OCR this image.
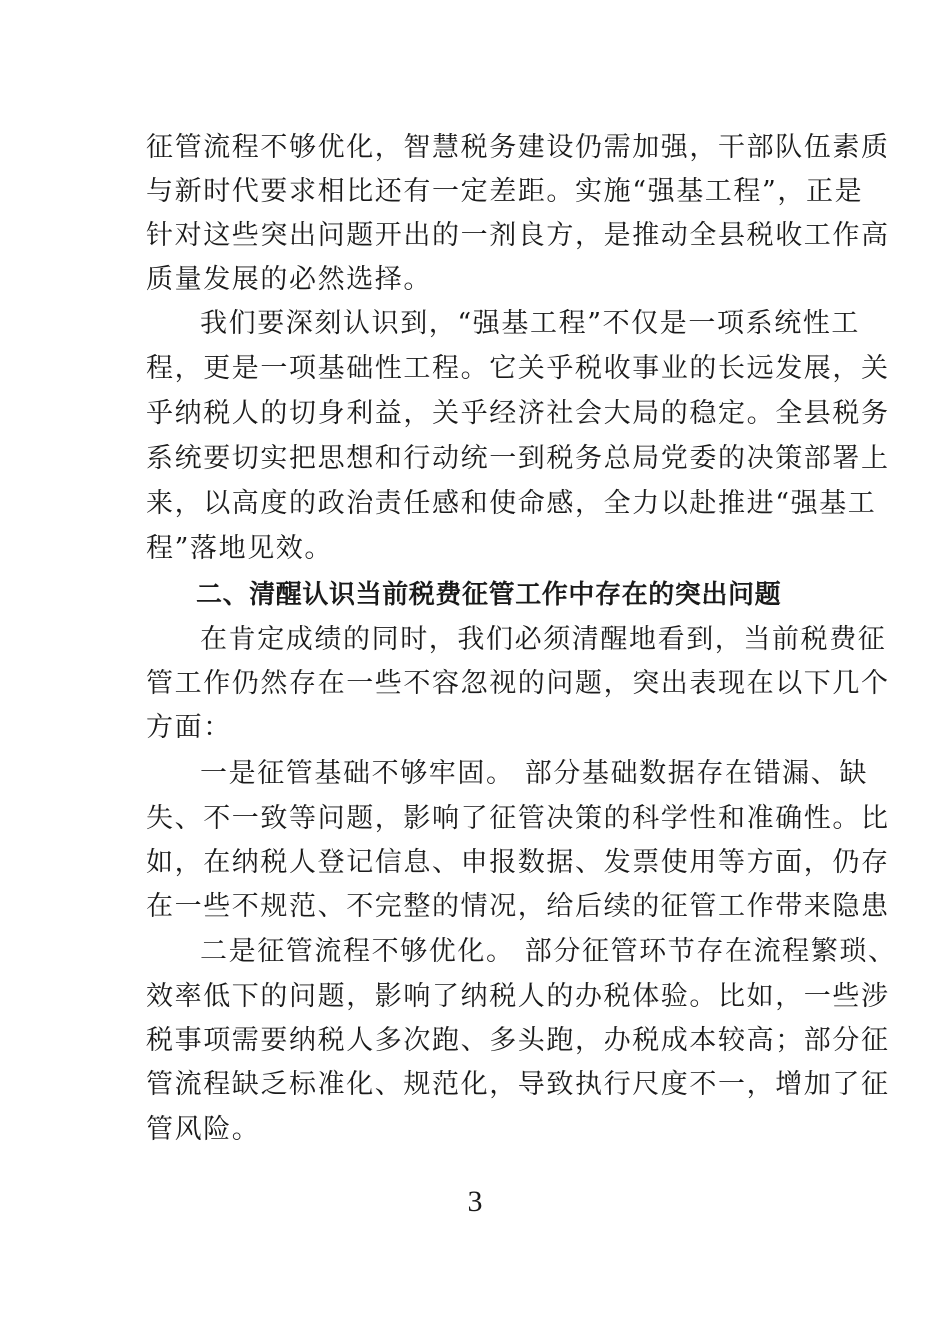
征管流程不够优化，智慧税务建设仍需加强，干部队伍素质
与新时代要求相比还有一定差距。实施“强基工程”，正是
针对这些突出问题开出的一剂良方，是推动全县税收工作高
质量发展的必然选择。
我们要深刻认识到，“强基工程”不仅是一项系统性工
程，更是一项基础性工程。它关乎税收事业的长远发展，关
乎纳税人的切身利益，关乎经济社会大局的稳定。全县税务
系统要切实把思想和行动统一到税务总局党委的决策部署上
来，以高度的政治责任感和使命感，全力以赴推进“强基工
程”落地见效。
二、清醒认识当前税费征管工作中存在的突出问题
在肯定成绩的同时，我们必须清醒地看到，当前税费征
管工作仍然存在一些不容忽视的问题，突出表现在以下几个
方面：
一是征管基础不够牢固。 部分基础数据存在错漏、缺
失、不一致等问题，影响了征管决策的科学性和准确性。比
如，在纳税人登记信息、申报数据、发票使用等方面，仍存
在一些不规范、不完整的情况，给后续的征管工作带来隐患
二是征管流程不够优化。 部分征管环节存在流程繁琐、
效率低下的问题，影响了纳税人的办税体验。比如，一些涉
税事项需要纳税人多次跑、多头跑，办税成本较高；部分征
管流程缺乏标准化、规范化，导致执行尺度不一，增加了征
管风险。
3
